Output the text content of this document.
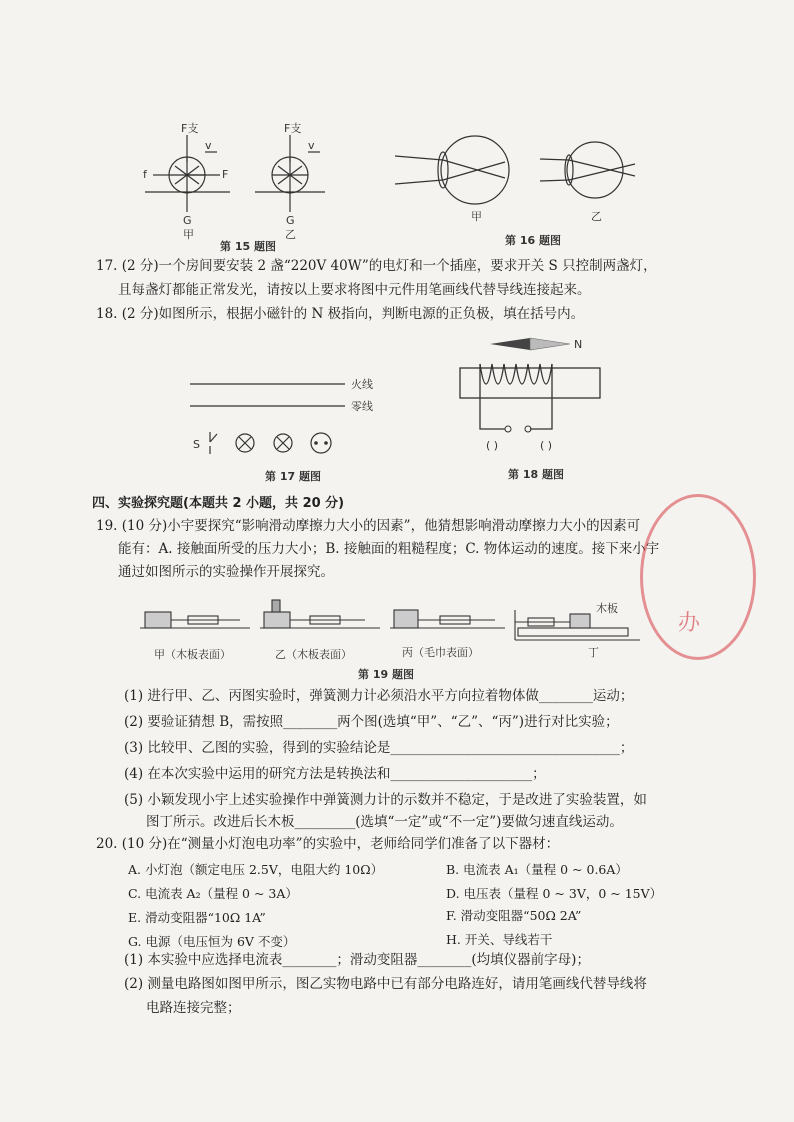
F支
f	F
v
G
甲
F支
v
G
乙
第 15 题图
甲	乙
第 16 题图
17. (2 分)一个房间要安装 2 盏“220V 40W”的电灯和一个插座，要求开关 S 只控制两盏灯，
且每盏灯都能正常发光，请按以上要求将图中元件用笔画线代替导线连接起来。
18. (2 分)如图所示，根据小磁针的 N 极指向，判断电源的正负极，填在括号内。
火线
零线
S
第 17 题图
N
( )	( )
第 18 题图
四、实验探究题(本题共 2 小题，共 20 分)
19. (10 分)小宇要探究“影响滑动摩擦力大小的因素”，他猜想影响滑动摩擦力大小的因素可
能有：A. 接触面所受的压力大小；B. 接触面的粗糙程度；C. 物体运动的速度。接下来小宇
通过如图所示的实验操作开展探究。
甲（木板表面）	乙（木板表面）	丙（毛巾表面）	丁
木板
第 19 题图
(1) 进行甲、乙、丙图实验时，弹簧测力计必须沿水平方向拉着物体做________运动；
(2) 要验证猜想 B，需按照________两个图(选填“甲”、“乙”、“丙”)进行对比实验；
(3) 比较甲、乙图的实验，得到的实验结论是__________________________________；
(4) 在本次实验中运用的研究方法是转换法和_____________________；
(5) 小颖发现小宇上述实验操作中弹簧测力计的示数并不稳定，于是改进了实验装置，如
图丁所示。改进后长木板_________(选填“一定”或“不一定”)要做匀速直线运动。
20. (10 分)在“测量小灯泡电功率”的实验中，老师给同学们准备了以下器材：
A. 小灯泡（额定电压 2.5V，电阻大约 10Ω）	B. 电流表 A₁（量程 0 ~ 0.6A）
C. 电流表 A₂（量程 0 ~ 3A）	D. 电压表（量程 0 ~ 3V，0 ~ 15V）
E. 滑动变阻器“10Ω 1A”	F. 滑动变阻器“50Ω 2A”
G. 电源（电压恒为 6V 不变）	H. 开关、导线若干
(1) 本实验中应选择电流表________；滑动变阻器________(均填仪器前字母)；
(2) 测量电路图如图甲所示，图乙实物电路中已有部分电路连好，请用笔画线代替导线将
电路连接完整；
办
